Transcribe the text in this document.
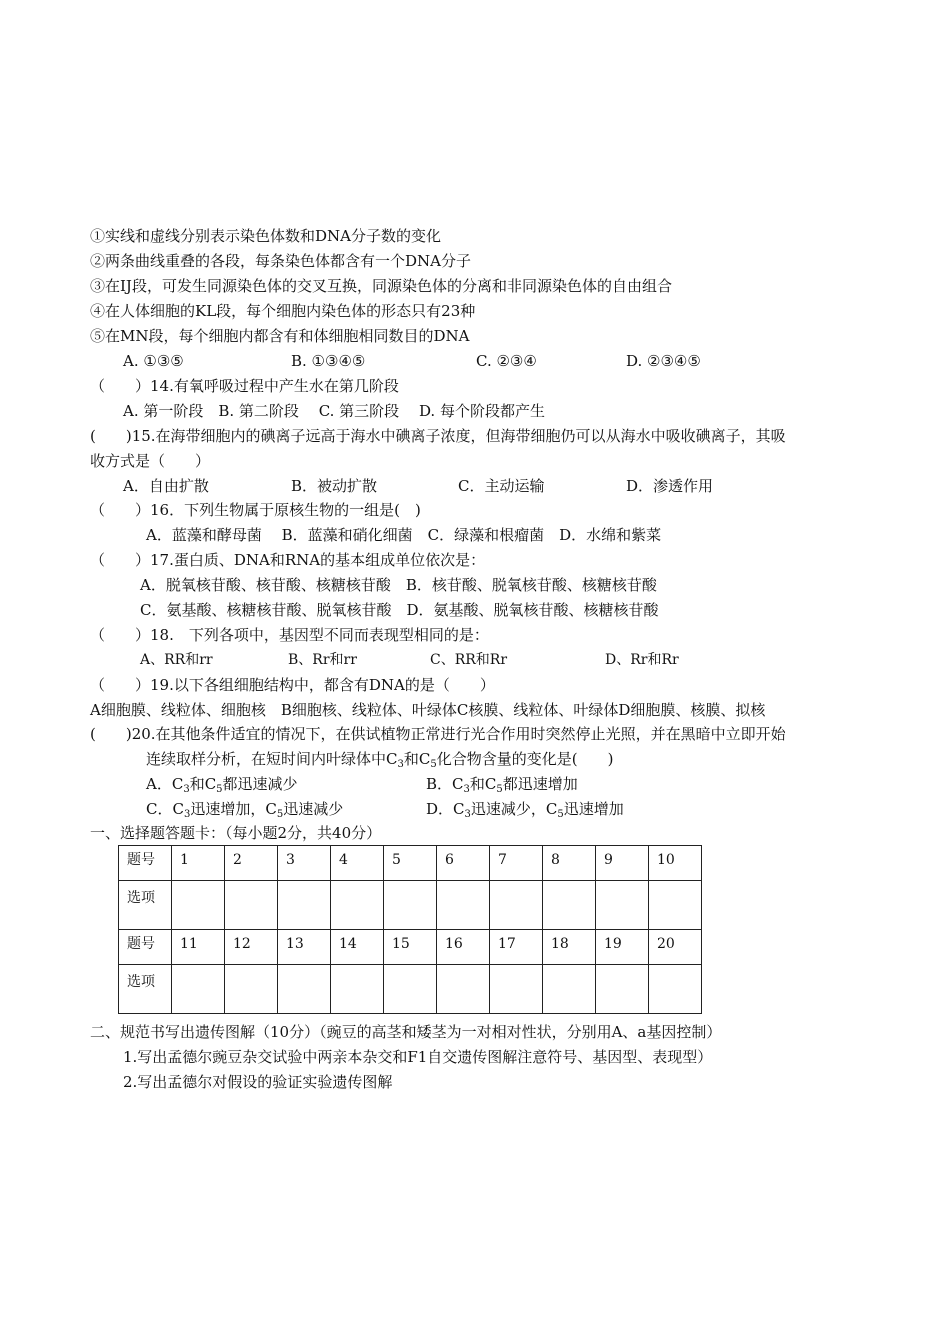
①实线和虚线分别表示染色体数和DNA分子数的变化
②两条曲线重叠的各段，每条染色体都含有一个DNA分子
③在IJ段，可发生同源染色体的交叉互换，同源染色体的分离和非同源染色体的自由组合
④在人体细胞的KL段，每个细胞内染色体的形态只有23种
⑤在MN段，每个细胞内都含有和体细胞相同数目的DNA
A. ①③⑤	B. ①③④⑤	C. ②③④	D. ②③④⑤
（　　）14.有氧呼吸过程中产生水在第几阶段
A. 第一阶段　B. 第二阶段　 C. 第三阶段　 D. 每个阶段都产生
(　　)15.在海带细胞内的碘离子远高于海水中碘离子浓度，但海带细胞仍可以从海水中吸收碘离子，其吸
收方式是（　　）
A．自由扩散	B．被动扩散	C．主动运输	D．渗透作用
（　　）16．下列生物属于原核生物的一组是(　)
A．蓝藻和酵母菌　 B．蓝藻和硝化细菌　C．绿藻和根瘤菌　D．水绵和紫菜
（　　）17.蛋白质、DNA和RNA的基本组成单位依次是：
A．脱氧核苷酸、核苷酸、核糖核苷酸　B．核苷酸、脱氧核苷酸、核糖核苷酸
C．氨基酸、核糖核苷酸、脱氧核苷酸　D．氨基酸、脱氧核苷酸、核糖核苷酸
（　　）18.　下列各项中，基因型不同而表现型相同的是：
A、RR和rr	B、Rr和rr	C、RR和Rr	D、Rr和Rr
（　　）19.以下各组细胞结构中，都含有DNA的是（　　）
A细胞膜、线粒体、细胞核　B细胞核、线粒体、叶绿体C核膜、线粒体、叶绿体D细胞膜、核膜、拟核
(　　)20.在其他条件适宜的情况下，在供试植物正常进行光合作用时突然停止光照，并在黑暗中立即开始
连续取样分析，在短时间内叶绿体中$C_3$和$C_5$化合物含量的变化是(　　)
A．$C_3$和$C_5$都迅速减少	B．$C_3$和$C_5$都迅速增加
C．$C_3$迅速增加，$C_5$迅速减少	D．$C_3$迅速减少，$C_5$迅速增加
一、选择题答题卡：（每小题2分，共40分）
题号	1	2	3	4	5	6	7	8	9	10
选项										
题号	11	12	13	14	15	16	17	18	19	20
选项										
二、规范书写出遗传图解（10分）（豌豆的高茎和矮茎为一对相对性状，分别用A、a基因控制）
1.写出孟德尔豌豆杂交试验中两亲本杂交和F1自交遗传图解注意符号、基因型、表现型）
2.写出孟德尔对假设的验证实验遗传图解
